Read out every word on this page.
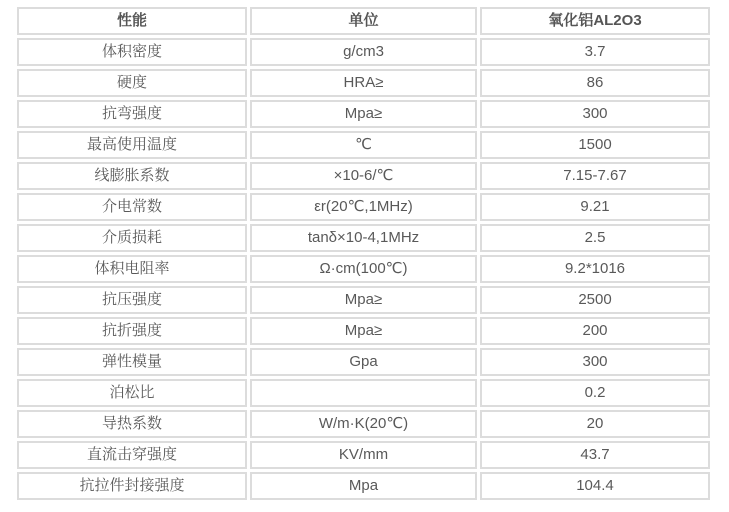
性能	单位	氧化铝AL2O3
体积密度	g/cm3	3.7
硬度	HRA≥	86
抗弯强度	Mpa≥	300
最高使用温度	℃	1500
线膨胀系数	×10-6/℃	7.15-7.67
介电常数	εr(20℃,1MHz)	9.21
介质损耗	tanδ×10-4,1MHz	2.5
体积电阻率	Ω·cm(100℃)	9.2*1016
抗压强度	Mpa≥	2500
抗折强度	Mpa≥	200
弹性模量	Gpa	300
泊松比		0.2
导热系数	W/m·K(20℃)	20
直流击穿强度	KV/mm	43.7
抗拉件封接强度	Mpa	104.4
